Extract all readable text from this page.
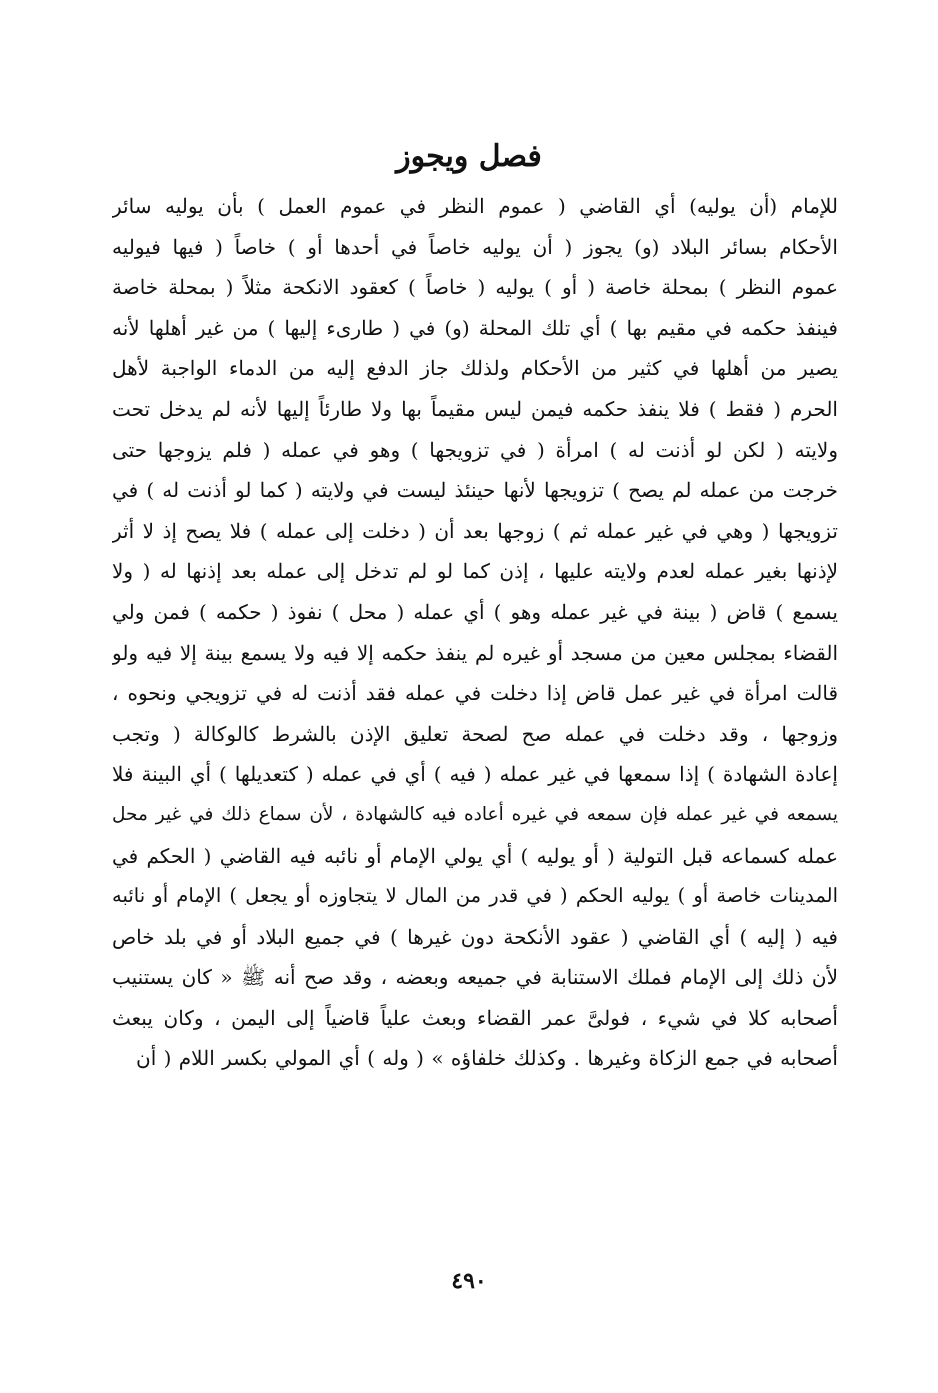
فصل ويجوز
للإمام (أن يوليه) أي القاضي ( عموم النظر في عموم العمل ) بأن يوليه سائر
الأحكام بسائر البلاد (و) يجوز ( أن يوليه خاصاً في أحدها أو ) خاصاً ( فيها فيوليه
عموم النظر ) بمحلة خاصة ( أو ) يوليه ( خاصاً ) كعقود الانكحة مثلاً ( بمحلة خاصة
فينفذ حكمه في مقيم بها ) أي تلك المحلة (و) في ( طارىء إليها ) من غير أهلها لأنه
يصير من أهلها في كثير من الأحكام ولذلك جاز الدفع إليه من الدماء الواجبة لأهل
الحرم ( فقط ) فلا ينفذ حكمه فيمن ليس مقيماً بها ولا طارئاً إليها لأنه لم يدخل تحت
ولايته ( لكن لو أذنت له ) امرأة ( في تزويجها ) وهو في عمله ( فلم يزوجها حتى
خرجت من عمله لم يصح ) تزويجها لأنها حينئذ ليست في ولايته ( كما لو أذنت له ) في
تزويجها ( وهي في غير عمله ثم ) زوجها بعد أن ( دخلت إلى عمله ) فلا يصح إذ لا أثر
لإذنها بغير عمله لعدم ولايته عليها ، إذن كما لو لم تدخل إلى عمله بعد إذنها له ( ولا
يسمع ) قاض ( بينة في غير عمله وهو ) أي عمله ( محل ) نفوذ ( حكمه ) فمن ولي
القضاء بمجلس معين من مسجد أو غيره لم ينفذ حكمه إلا فيه ولا يسمع بينة إلا فيه ولو
قالت امرأة في غير عمل قاض إذا دخلت في عمله فقد أذنت له في تزويجي ونحوه ،
وزوجها ، وقد دخلت في عمله صح لصحة تعليق الإذن بالشرط كالوكالة ( وتجب
إعادة الشهادة ) إذا سمعها في غير عمله ( فيه ) أي في عمله ( كتعديلها ) أي البينة فلا
يسمعه في غير عمله فإن سمعه في غيره أعاده فيه كالشهادة ، لأن سماع ذلك في غير محل
عمله كسماعه قبل التولية ( أو يوليه ) أي يولي الإمام أو نائبه فيه القاضي ( الحكم في
المدينات خاصة أو ) يوليه الحكم ( في قدر من المال لا يتجاوزه أو يجعل ) الإمام أو نائبه
فيه ( إليه ) أي القاضي ( عقود الأنكحة دون غيرها ) في جميع البلاد أو في بلد خاص
لأن ذلك إلى الإمام فملك الاستنابة في جميعه وبعضه ، وقد صح أنه ﷺ « كان يستنيب
أصحابه كلا في شيء ، فولىَّ عمر القضاء وبعث علياً قاضياً إلى اليمن ، وكان يبعث
أصحابه في جمع الزكاة وغيرها . وكذلك خلفاؤه » ( وله ) أي المولي بكسر اللام ( أن
٤٩٠
